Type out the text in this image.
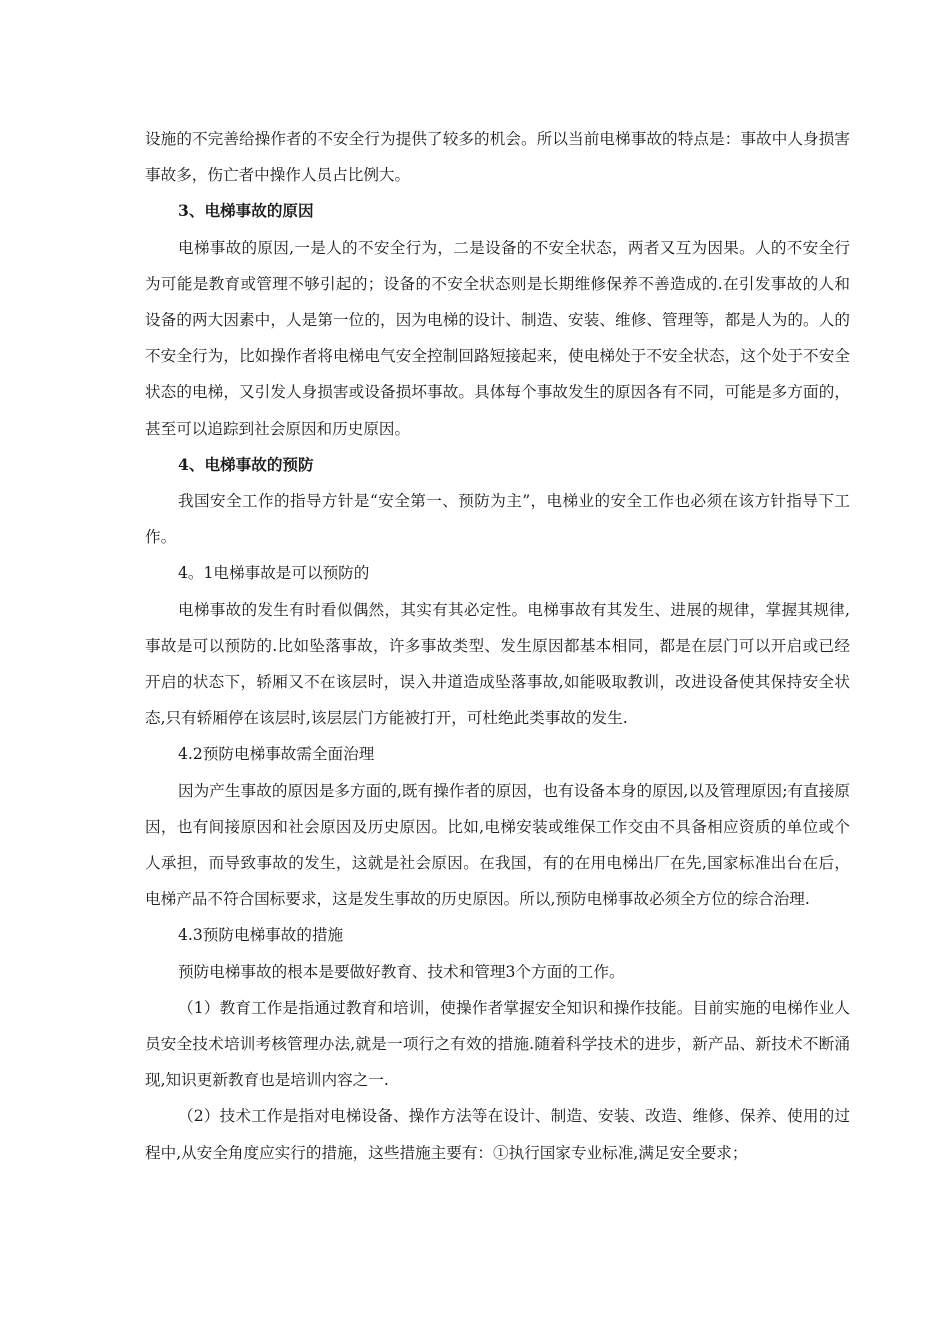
设施的不完善给操作者的不安全行为提供了较多的机会。所以当前电梯事故的特点是：事故中人身损害事故多，伤亡者中操作人员占比例大。

3、电梯事故的原因

电梯事故的原因,一是人的不安全行为，二是设备的不安全状态，两者又互为因果。人的不安全行为可能是教育或管理不够引起的；设备的不安全状态则是长期维修保养不善造成的.在引发事故的人和设备的两大因素中，人是第一位的，因为电梯的设计、制造、安装、维修、管理等，都是人为的。人的不安全行为，比如操作者将电梯电气安全控制回路短接起来，使电梯处于不安全状态，这个处于不安全状态的电梯，又引发人身损害或设备损坏事故。具体每个事故发生的原因各有不同，可能是多方面的，甚至可以追踪到社会原因和历史原因。

4、电梯事故的预防

我国安全工作的指导方针是“安全第一、预防为主”，电梯业的安全工作也必须在该方针指导下工作。

4。1电梯事故是可以预防的

电梯事故的发生有时看似偶然，其实有其必定性。电梯事故有其发生、进展的规律，掌握其规律,事故是可以预防的.比如坠落事故，许多事故类型、发生原因都基本相同，都是在层门可以开启或已经开启的状态下，轿厢又不在该层时，误入井道造成坠落事故,如能吸取教训，改进设备使其保持安全状态,只有轿厢停在该层时,该层层门方能被打开，可杜绝此类事故的发生.

4.2预防电梯事故需全面治理

因为产生事故的原因是多方面的,既有操作者的原因，也有设备本身的原因,以及管理原因;有直接原因，也有间接原因和社会原因及历史原因。比如,电梯安装或维保工作交由不具备相应资质的单位或个人承担，而导致事故的发生，这就是社会原因。在我国，有的在用电梯出厂在先,国家标准出台在后，电梯产品不符合国标要求，这是发生事故的历史原因。所以,预防电梯事故必须全方位的综合治理.

4.3预防电梯事故的措施

预防电梯事故的根本是要做好教育、技术和管理3个方面的工作。

（1）教育工作是指通过教育和培训，使操作者掌握安全知识和操作技能。目前实施的电梯作业人员安全技术培训考核管理办法,就是一项行之有效的措施.随着科学技术的进步，新产品、新技术不断涌现,知识更新教育也是培训内容之一.

（2）技术工作是指对电梯设备、操作方法等在设计、制造、安装、改造、维修、保养、使用的过程中,从安全角度应实行的措施，这些措施主要有：①执行国家专业标准,满足安全要求；
